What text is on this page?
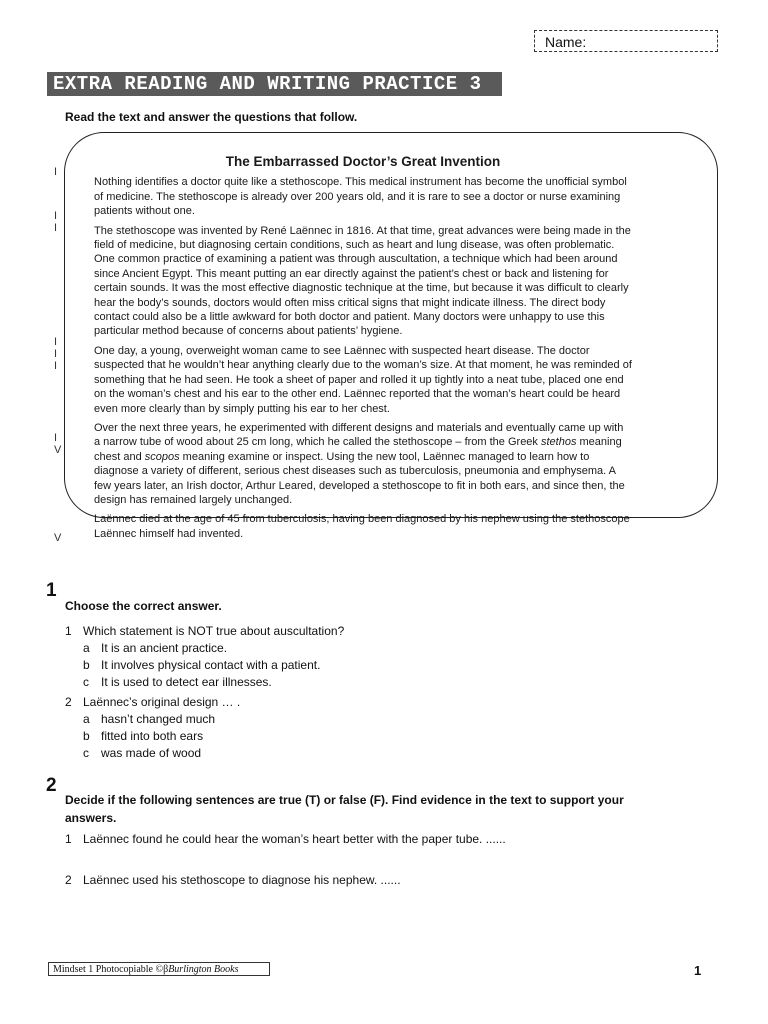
Name:
EXTRA READING AND WRITING PRACTICE 3
Read the text and answer the questions that follow.
I
I
I
I
I
I
I
V
V
The Embarrassed Doctor’s Great Invention

Nothing identifies a doctor quite like a stethoscope. This medical instrument has become the unofficial symbol of medicine. The stethoscope is already over 200 years old, and it is rare to see a doctor or nurse examining patients without one.

The stethoscope was invented by René Laënnec in 1816. At that time, great advances were being made in the field of medicine, but diagnosing certain conditions, such as heart and lung disease, was often problematic. One common practice of examining a patient was through auscultation, a technique which had been around since Ancient Egypt. This meant putting an ear directly against the patient’s chest or back and listening for certain sounds. It was the most effective diagnostic technique at the time, but because it was difficult to clearly hear the body’s sounds, doctors would often miss critical signs that might indicate illness. The direct body contact could also be a little awkward for both doctor and patient. Many doctors were unhappy to use this particular method because of concerns about patients’ hygiene.

One day, a young, overweight woman came to see Laënnec with suspected heart disease. The doctor suspected that he wouldn’t hear anything clearly due to the woman’s size. At that moment, he was reminded of something that he had seen. He took a sheet of paper and rolled it up tightly into a neat tube, placed one end on the woman’s chest and his ear to the other end. Laënnec reported that the woman’s heart could be heard even more clearly than by simply putting his ear to her chest.

Over the next three years, he experimented with different designs and materials and eventually came up with a narrow tube of wood about 25 cm long, which he called the stethoscope – from the Greek stethos meaning chest and scopos meaning examine or inspect. Using the new tool, Laënnec managed to learn how to diagnose a variety of different, serious chest diseases such as tuberculosis, pneumonia and emphysema. A few years later, an Irish doctor, Arthur Leared, developed a stethoscope to fit in both ears, and since then, the design has remained largely unchanged.

Laënnec died at the age of 45 from tuberculosis, having been diagnosed by his nephew using the stethoscope Laënnec himself had invented.

1
Choose the correct answer.
1 Which statement is NOT true about auscultation?
a It is an ancient practice.
b It involves physical contact with a patient.
c It is used to detect ear illnesses.
2 Laënnec’s original design … .
a hasn’t changed much
b fitted into both ears
c was made of wood
2
Decide if the following sentences are true (T) or false (F). Find evidence in the text to support your
answers.
1 Laënnec found he could hear the woman’s heart better with the paper tube. ......
2 Laënnec used his stethoscope to diagnose his nephew. ......
Mindset 1 Photocopiable ©βBurlington Books	1
